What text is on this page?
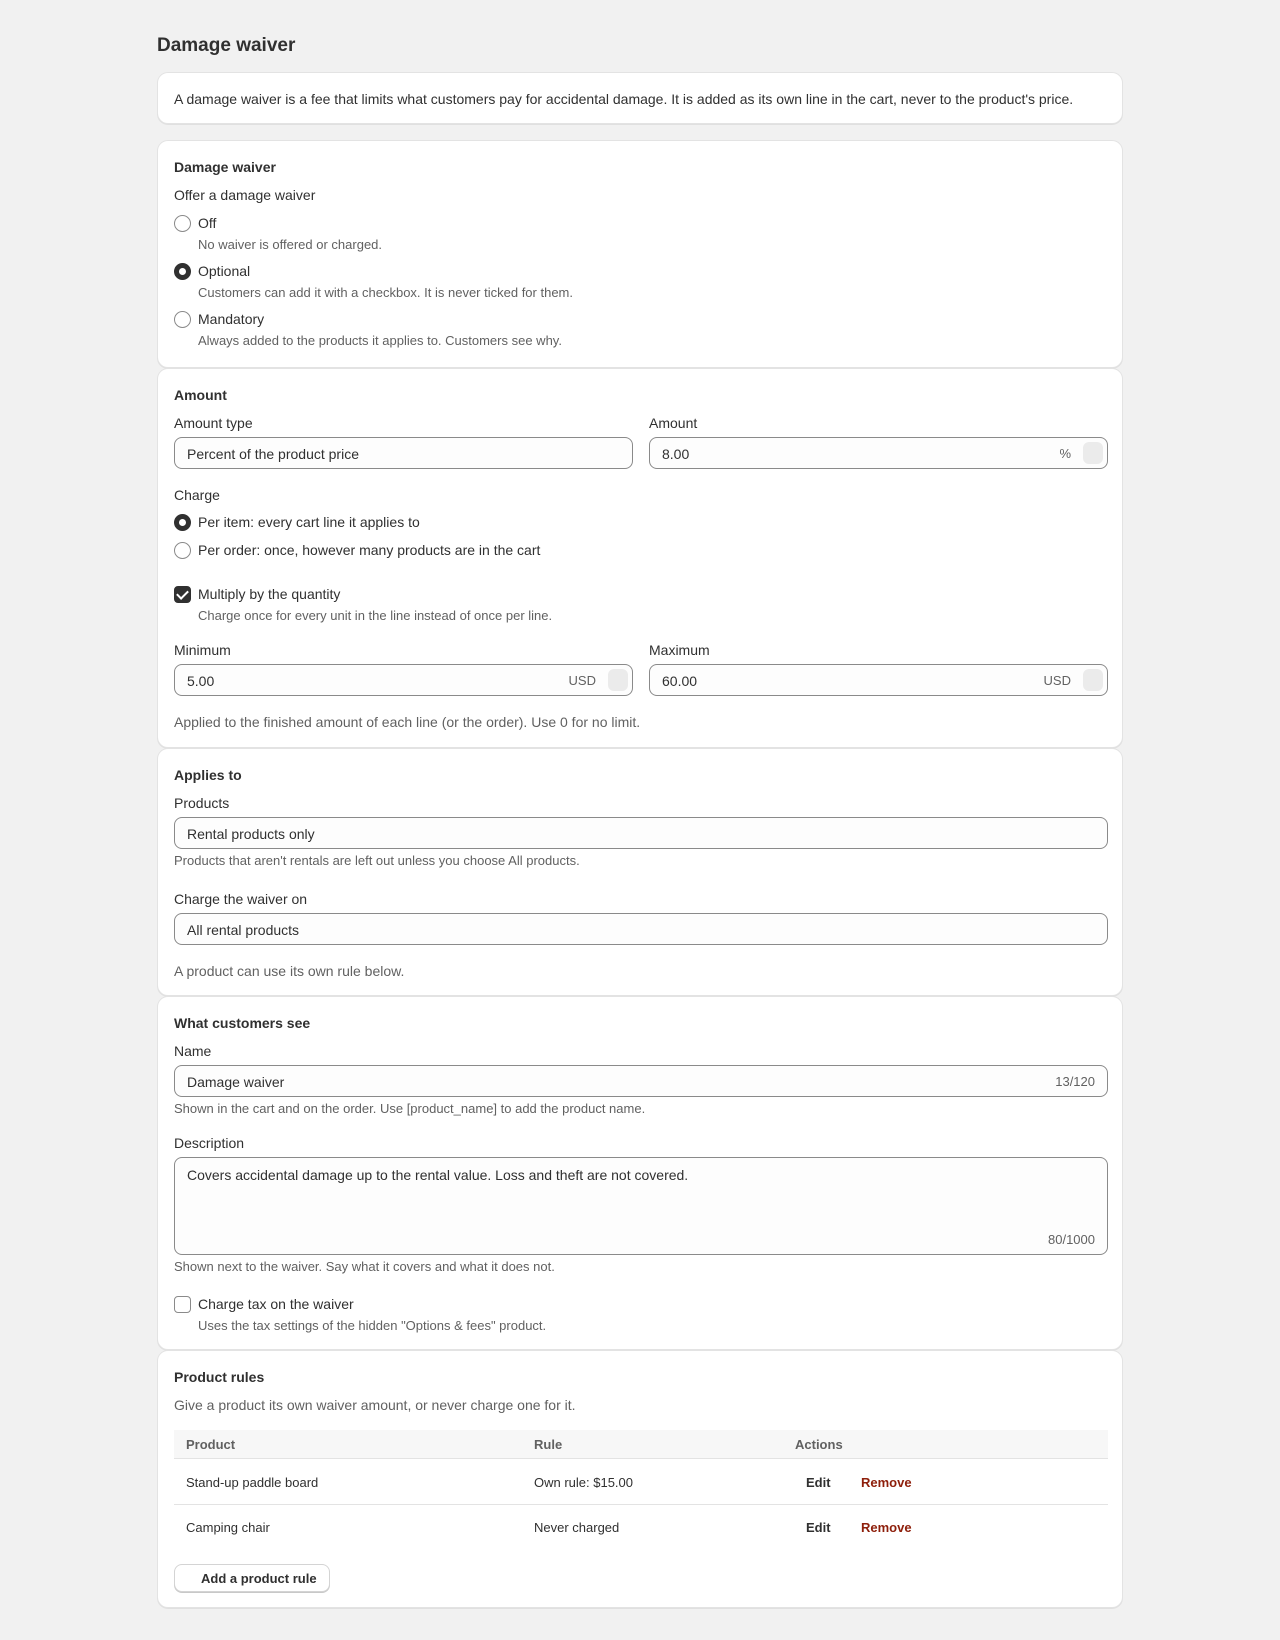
Damage waiver
A damage waiver is a fee that limits what customers pay for accidental damage. It is added as its own line in the cart, never to the product's price.
Damage waiver
Offer a damage waiver
Off
No waiver is offered or charged.
Optional
Customers can add it with a checkbox. It is never ticked for them.
Mandatory
Always added to the products it applies to. Customers see why.
Amount
Amount type
Percent of the product price
Amount
8.00	%
Charge
Per item: every cart line it applies to
Per order: once, however many products are in the cart
Multiply by the quantity
Charge once for every unit in the line instead of once per line.
Minimum
5.00	USD
Maximum
60.00	USD
Applied to the finished amount of each line (or the order). Use 0 for no limit.
Applies to
Products
Rental products only
Products that aren't rentals are left out unless you choose All products.
Charge the waiver on
All rental products
A product can use its own rule below.
What customers see
Name
Damage waiver	13/120
Shown in the cart and on the order. Use [product_name] to add the product name.
Description
Covers accidental damage up to the rental value. Loss and theft are not covered.
80/1000
Shown next to the waiver. Say what it covers and what it does not.
Charge tax on the waiver
Uses the tax settings of the hidden "Options & fees" product.
Product rules
Give a product its own waiver amount, or never charge one for it.
Product	Rule	Actions
Stand-up paddle board	Own rule: $15.00	Edit Remove
Camping chair	Never charged	Edit Remove
Add a product rule
